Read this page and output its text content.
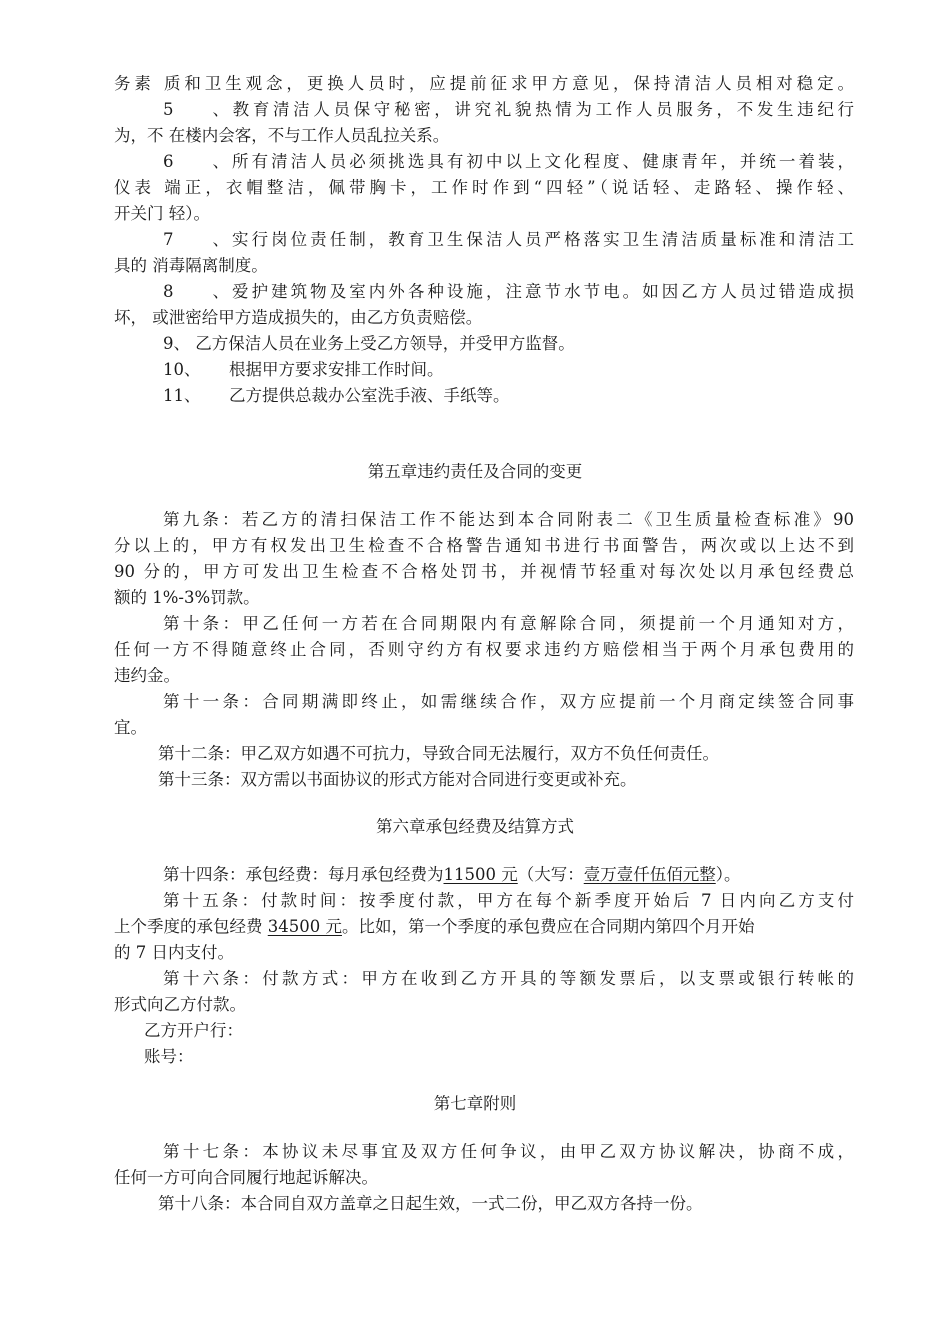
务素 质和卫生观念，更换人员时，应提前征求甲方意见，保持清洁人员相对稳定。
5、教育清洁人员保守秘密，讲究礼貌热情为工作人员服务，不发生违纪行
为，不 在楼内会客，不与工作人员乱拉关系。
6、所有清洁人员必须挑选具有初中以上文化程度、健康青年，并统一着装，
仪表 端正，衣帽整洁，佩带胸卡，工作时作到“四轻”（说话轻、走路轻、操作轻、
开关门 轻）。
7、实行岗位责任制，教育卫生保洁人员严格落实卫生清洁质量标准和清洁工
具的 消毒隔离制度。
8、爱护建筑物及室内外各种设施，注意节水节电。如因乙方人员过错造成损
坏， 或泄密给甲方造成损失的，由乙方负责赔偿。
9、 乙方保洁人员在业务上受乙方领导，并受甲方监督。
10、 根据甲方要求安排工作时间。
11、 乙方提供总裁办公室洗手液、手纸等。
第五章违约责任及合同的变更
第九条：若乙方的清扫保洁工作不能达到本合同附表二《卫生质量检查标准》90
分以上的，甲方有权发出卫生检查不合格警告通知书进行书面警告，两次或以上达不到
90 分的，甲方可发出卫生检查不合格处罚书，并视情节轻重对每次处以月承包经费总
额的 1%-3%罚款。
第十条：甲乙任何一方若在合同期限内有意解除合同，须提前一个月通知对方，
任何一方不得随意终止合同，否则守约方有权要求违约方赔偿相当于两个月承包费用的
违约金。
第十一条：合同期满即终止，如需继续合作，双方应提前一个月商定续签合同事
宜。
第十二条：甲乙双方如遇不可抗力，导致合同无法履行，双方不负任何责任。
第十三条：双方需以书面协议的形式方能对合同进行变更或补充。
第六章承包经费及结算方式
第十四条：承包经费：每月承包经费为11500 元（大写：壹万壹仟伍佰元整）。
第十五条：付款时间：按季度付款，甲方在每个新季度开始后 7 日内向乙方支付
上个季度的承包经费 34500 元。比如，第一个季度的承包费应在合同期内第四个月开始
的 7 日内支付。
第十六条：付款方式：甲方在收到乙方开具的等额发票后，以支票或银行转帐的
形式向乙方付款。
乙方开户行：
账号：
第七章附则
第十七条：本协议未尽事宜及双方任何争议，由甲乙双方协议解决，协商不成，
任何一方可向合同履行地起诉解决。
第十八条：本合同自双方盖章之日起生效，一式二份，甲乙双方各持一份。
